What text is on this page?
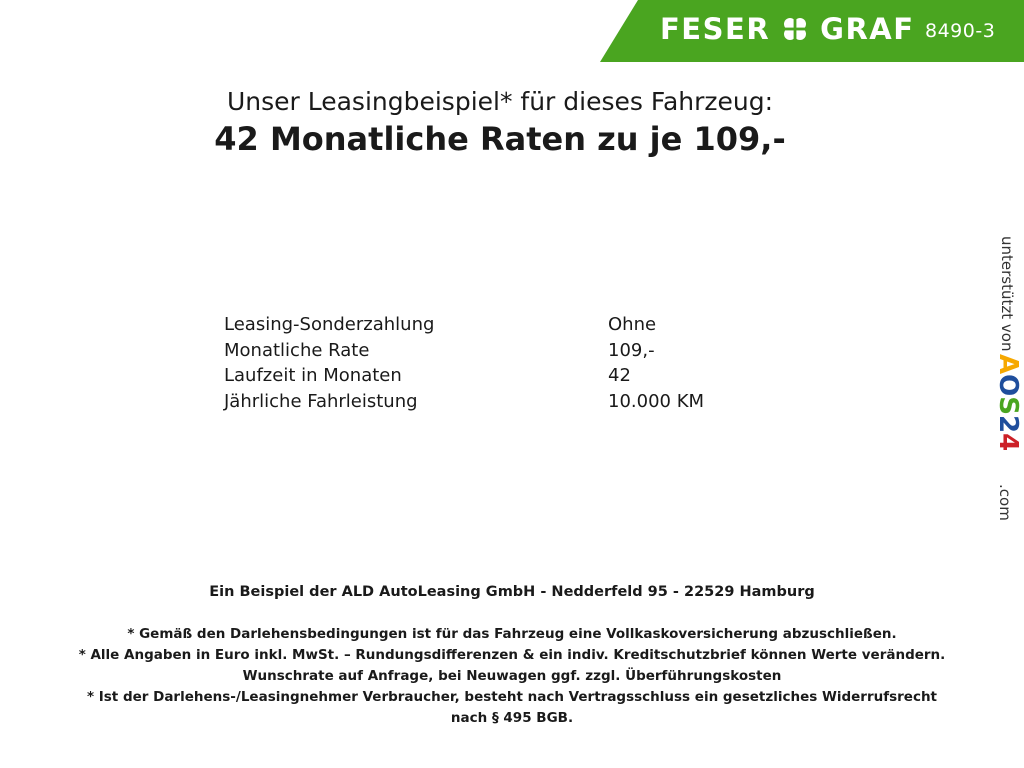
FESER GRAF 8490-3
Unser Leasingbeispiel* für dieses Fahrzeug:
42 Monatliche Raten zu je 109,-
Leasing-Sonderzahlung	Ohne
Monatliche Rate	109,-
Laufzeit in Monaten	42
Jährliche Fahrleistung	10.000 KM
unterstützt von
AOS24
.com
Ein Beispiel der ALD AutoLeasing GmbH - Nedderfeld 95 - 22529 Hamburg
* Gemäß den Darlehensbedingungen ist für das Fahrzeug eine Vollkaskoversicherung abzuschließen.
* Alle Angaben in Euro inkl. MwSt. – Rundungsdifferenzen & ein indiv. Kreditschutzbrief können Werte verändern.
Wunschrate auf Anfrage, bei Neuwagen ggf. zzgl. Überführungskosten
* Ist der Darlehens-/Leasingnehmer Verbraucher, besteht nach Vertragsschluss ein gesetzliches Widerrufsrecht
nach § 495 BGB.
